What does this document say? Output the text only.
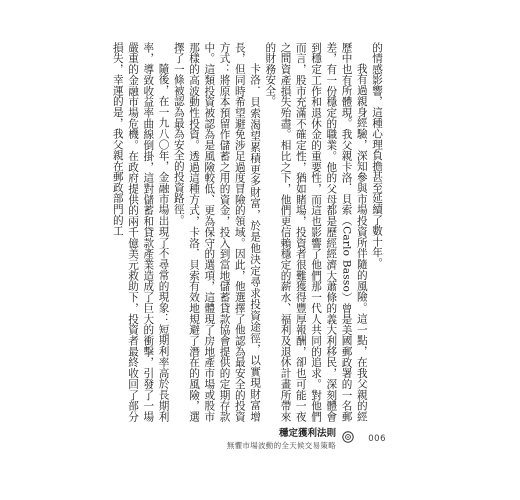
的情感影響，這種心理負擔甚至延續了數十年。

我有過親身經驗，深知參與市場投資所伴隨的風險。這一點，在我父親的經歷中也有所體現。我父親卡洛．貝索（Carlo Basso）曾是美國郵政署的一名郵差，有一份穩定的職業。他的父母都是歷經經濟大蕭條的義大利移民，深刻體會到穩定工作和退休金的重要性，而這也影響了他們那一代人共同的追求。對他們而言，股市充滿不確定性，猶如賭場，投資者很難獲得豐厚報酬，卻也可能一夜之間資產損失殆盡。相比之下，他們更信賴穩定的薪水、福利及退休計畫所帶來的財務安全。

卡洛．貝索渴望累積更多財富，於是他決定尋求投資途徑，以實現財富增長，但同時希望避免涉足過度冒險的領域。因此，他選擇了他認為最安全的投資方式：將原本預留作儲蓄之用的資金，投入到當地儲蓄貸款協會提供的定期存款中。這類投資被認為是風險較低、更為保守的選項，這體現了房地產市場或股市那樣的高波動性投資。透過這種方式，卡洛．貝索有效地規避了潛在的風險，選擇了一條被認為最為安全的投資路徑。

隨後，在一九八〇年，金融市場出現了不尋常的現象：短期利率高於長期利率，導致收益率曲線倒掛，這對儲蓄和貸款產業造成了巨大的衝擊，引發了一場嚴重的金融市場危機。在政府提供的兩千億美元救助下，投資者最終收回了部分損失，幸運的是，我父親在郵政部門的工

穩定獲利法則
無懼市場波動的全天候交易策略
006
